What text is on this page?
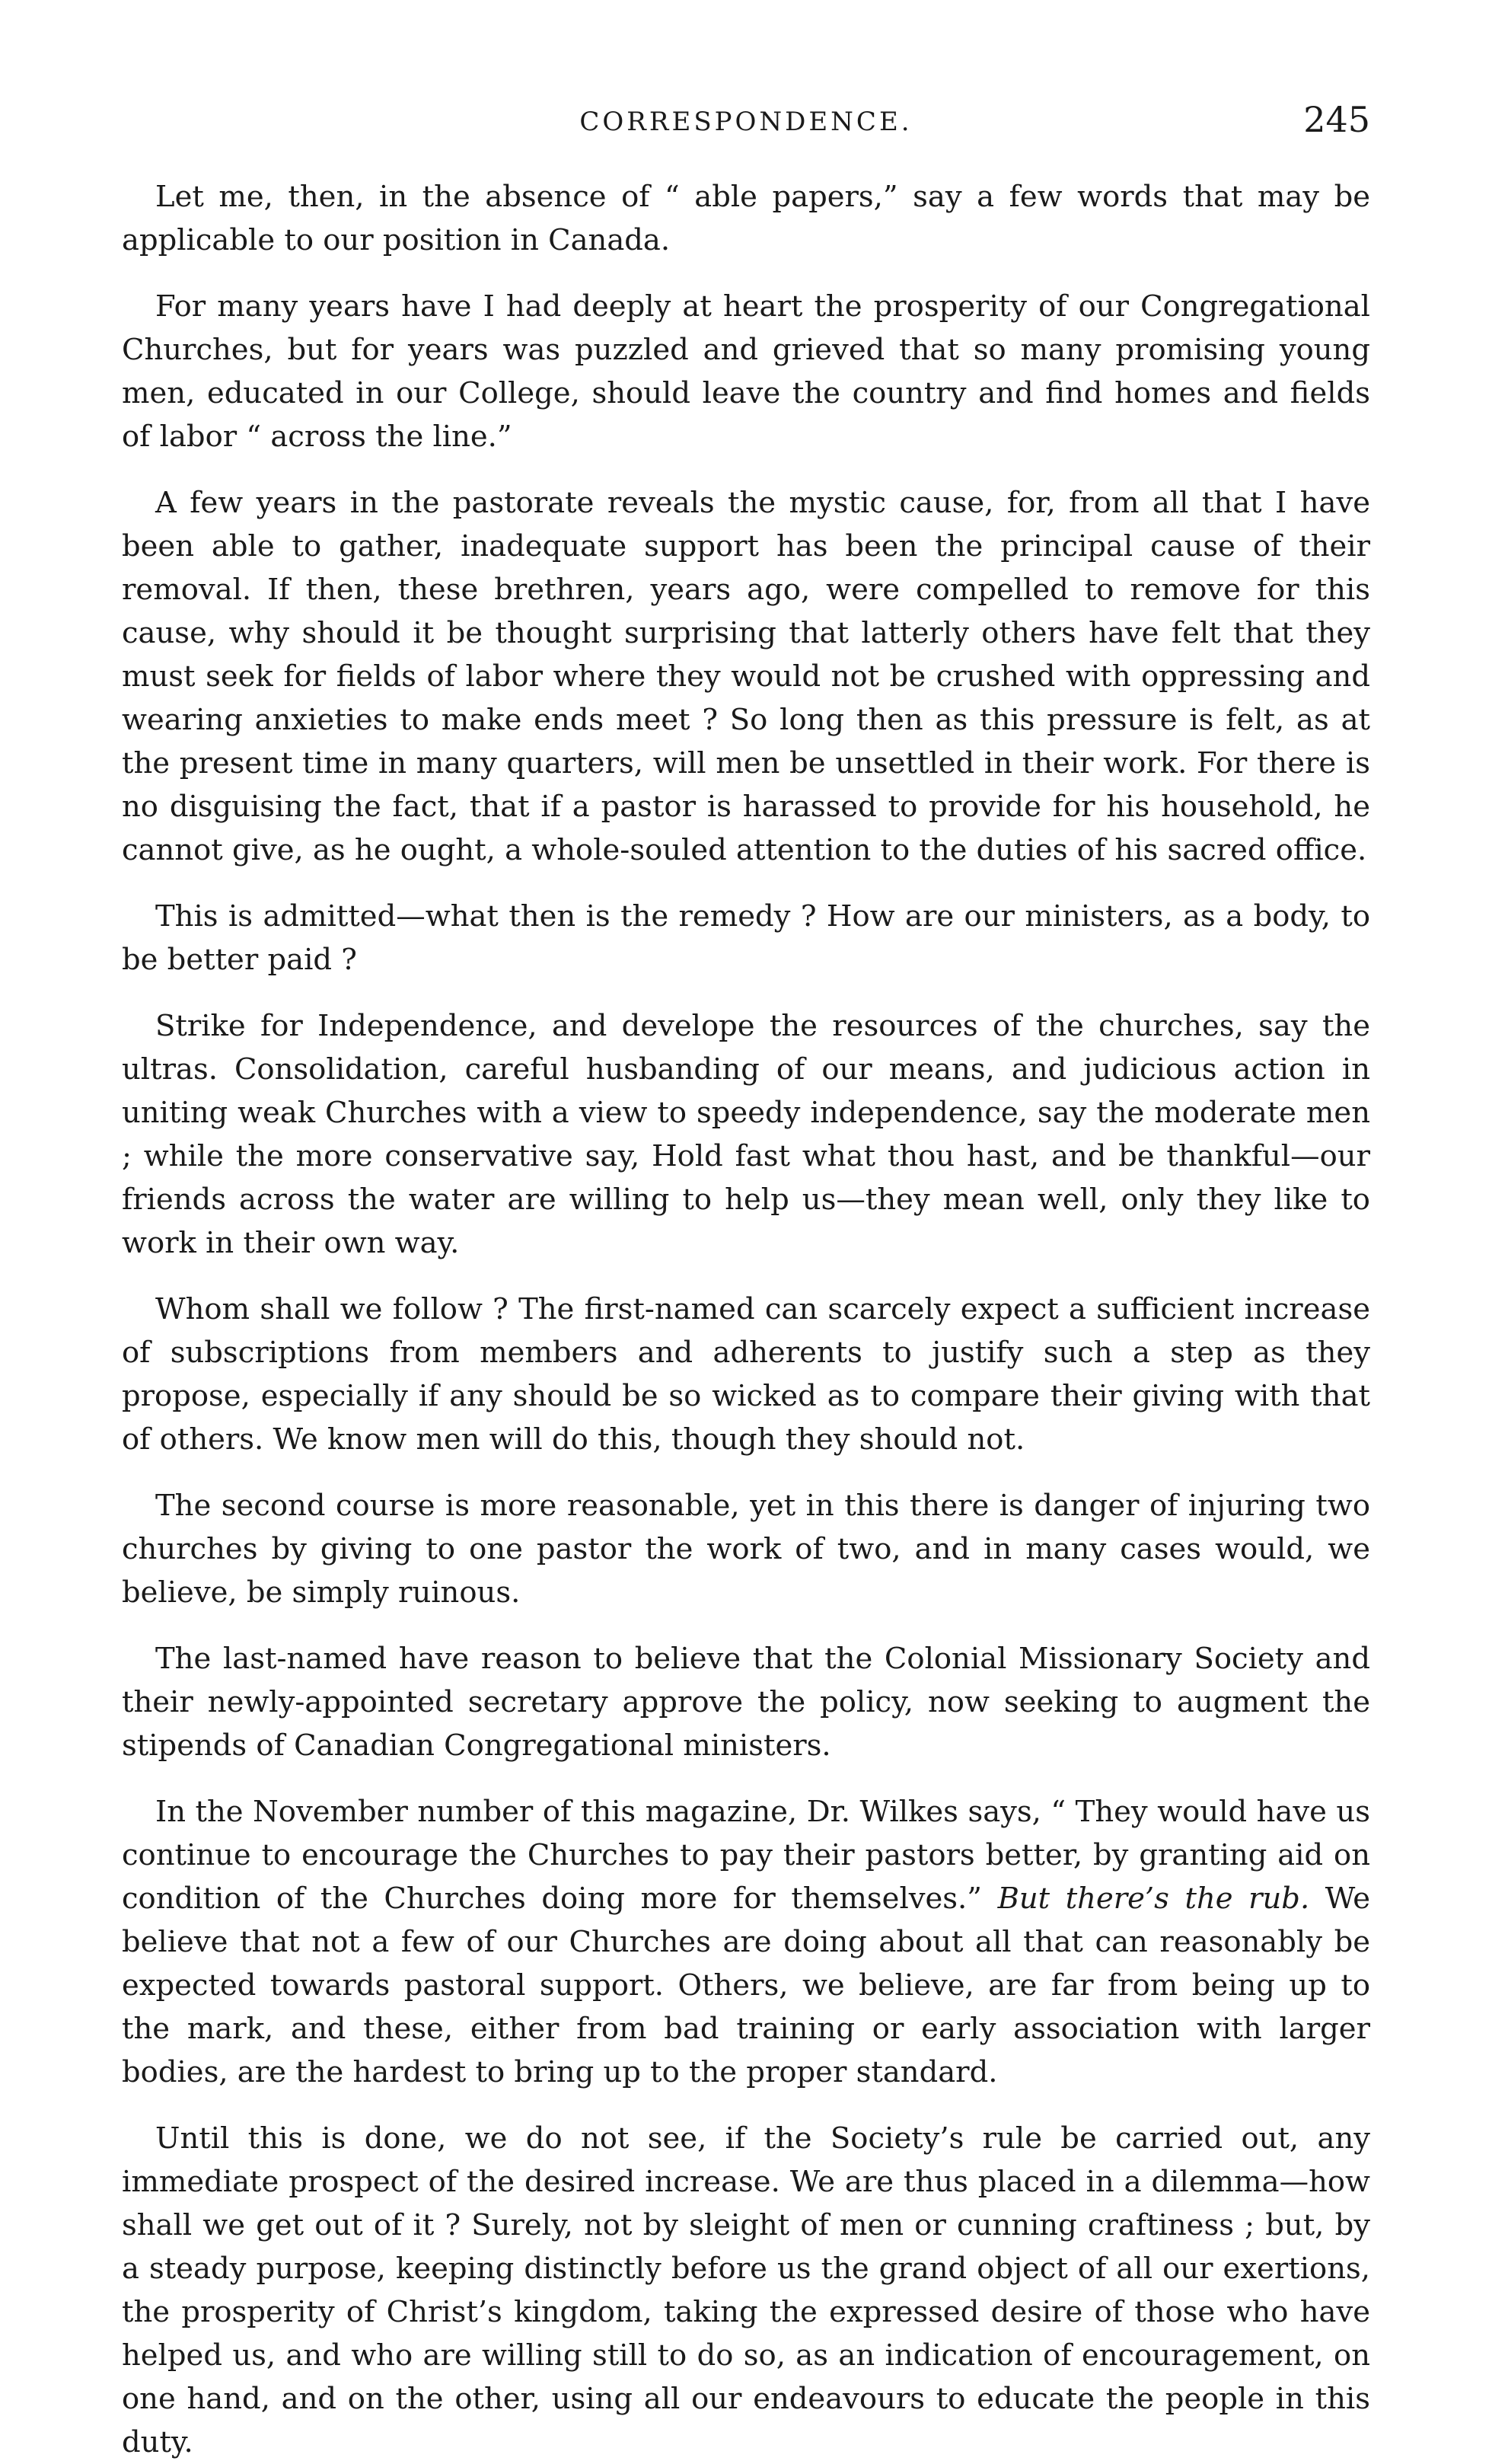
CORRESPONDENCE.	245

Let me, then, in the absence of “ able papers,” say a few words that may be applicable to our position in Canada.

For many years have I had deeply at heart the prosperity of our Congregational Churches, but for years was puzzled and grieved that so many promising young men, educated in our College, should leave the country and find homes and fields of labor “ across the line.”

A few years in the pastorate reveals the mystic cause, for, from all that I have been able to gather, inadequate support has been the principal cause of their removal. If then, these brethren, years ago, were compelled to remove for this cause, why should it be thought surprising that latterly others have felt that they must seek for fields of labor where they would not be crushed with oppressing and wearing anxieties to make ends meet ? So long then as this pressure is felt, as at the present time in many quarters, will men be unsettled in their work. For there is no disguising the fact, that if a pastor is harassed to provide for his household, he cannot give, as he ought, a whole-souled attention to the duties of his sacred office.

This is admitted—what then is the remedy ? How are our ministers, as a body, to be better paid ?

Strike for Independence, and develope the resources of the churches, say the ultras. Consolidation, careful husbanding of our means, and judicious action in uniting weak Churches with a view to speedy independence, say the moderate men ; while the more conservative say, Hold fast what thou hast, and be thankful—our friends across the water are willing to help us—they mean well, only they like to work in their own way.

Whom shall we follow ? The first-named can scarcely expect a sufficient increase of subscriptions from members and adherents to justify such a step as they propose, especially if any should be so wicked as to compare their giving with that of others. We know men will do this, though they should not.

The second course is more reasonable, yet in this there is danger of injuring two churches by giving to one pastor the work of two, and in many cases would, we believe, be simply ruinous.

The last-named have reason to believe that the Colonial Missionary Society and their newly-appointed secretary approve the policy, now seeking to augment the stipends of Canadian Congregational ministers.

In the November number of this magazine, Dr. Wilkes says, “ They would have us continue to encourage the Churches to pay their pastors better, by granting aid on condition of the Churches doing more for themselves.” But there’s the rub. We believe that not a few of our Churches are doing about all that can reasonably be expected towards pastoral support. Others, we believe, are far from being up to the mark, and these, either from bad training or early association with larger bodies, are the hardest to bring up to the proper standard.

Until this is done, we do not see, if the Society’s rule be carried out, any immediate prospect of the desired increase. We are thus placed in a dilemma—how shall we get out of it ? Surely, not by sleight of men or cunning craftiness ; but, by a steady purpose, keeping distinctly before us the grand object of all our exertions, the prosperity of Christ’s kingdom, taking the expressed desire of those who have helped us, and who are willing still to do so, as an indication of encouragement, on one hand, and on the other, using all our endeavours to educate the people in this duty.
